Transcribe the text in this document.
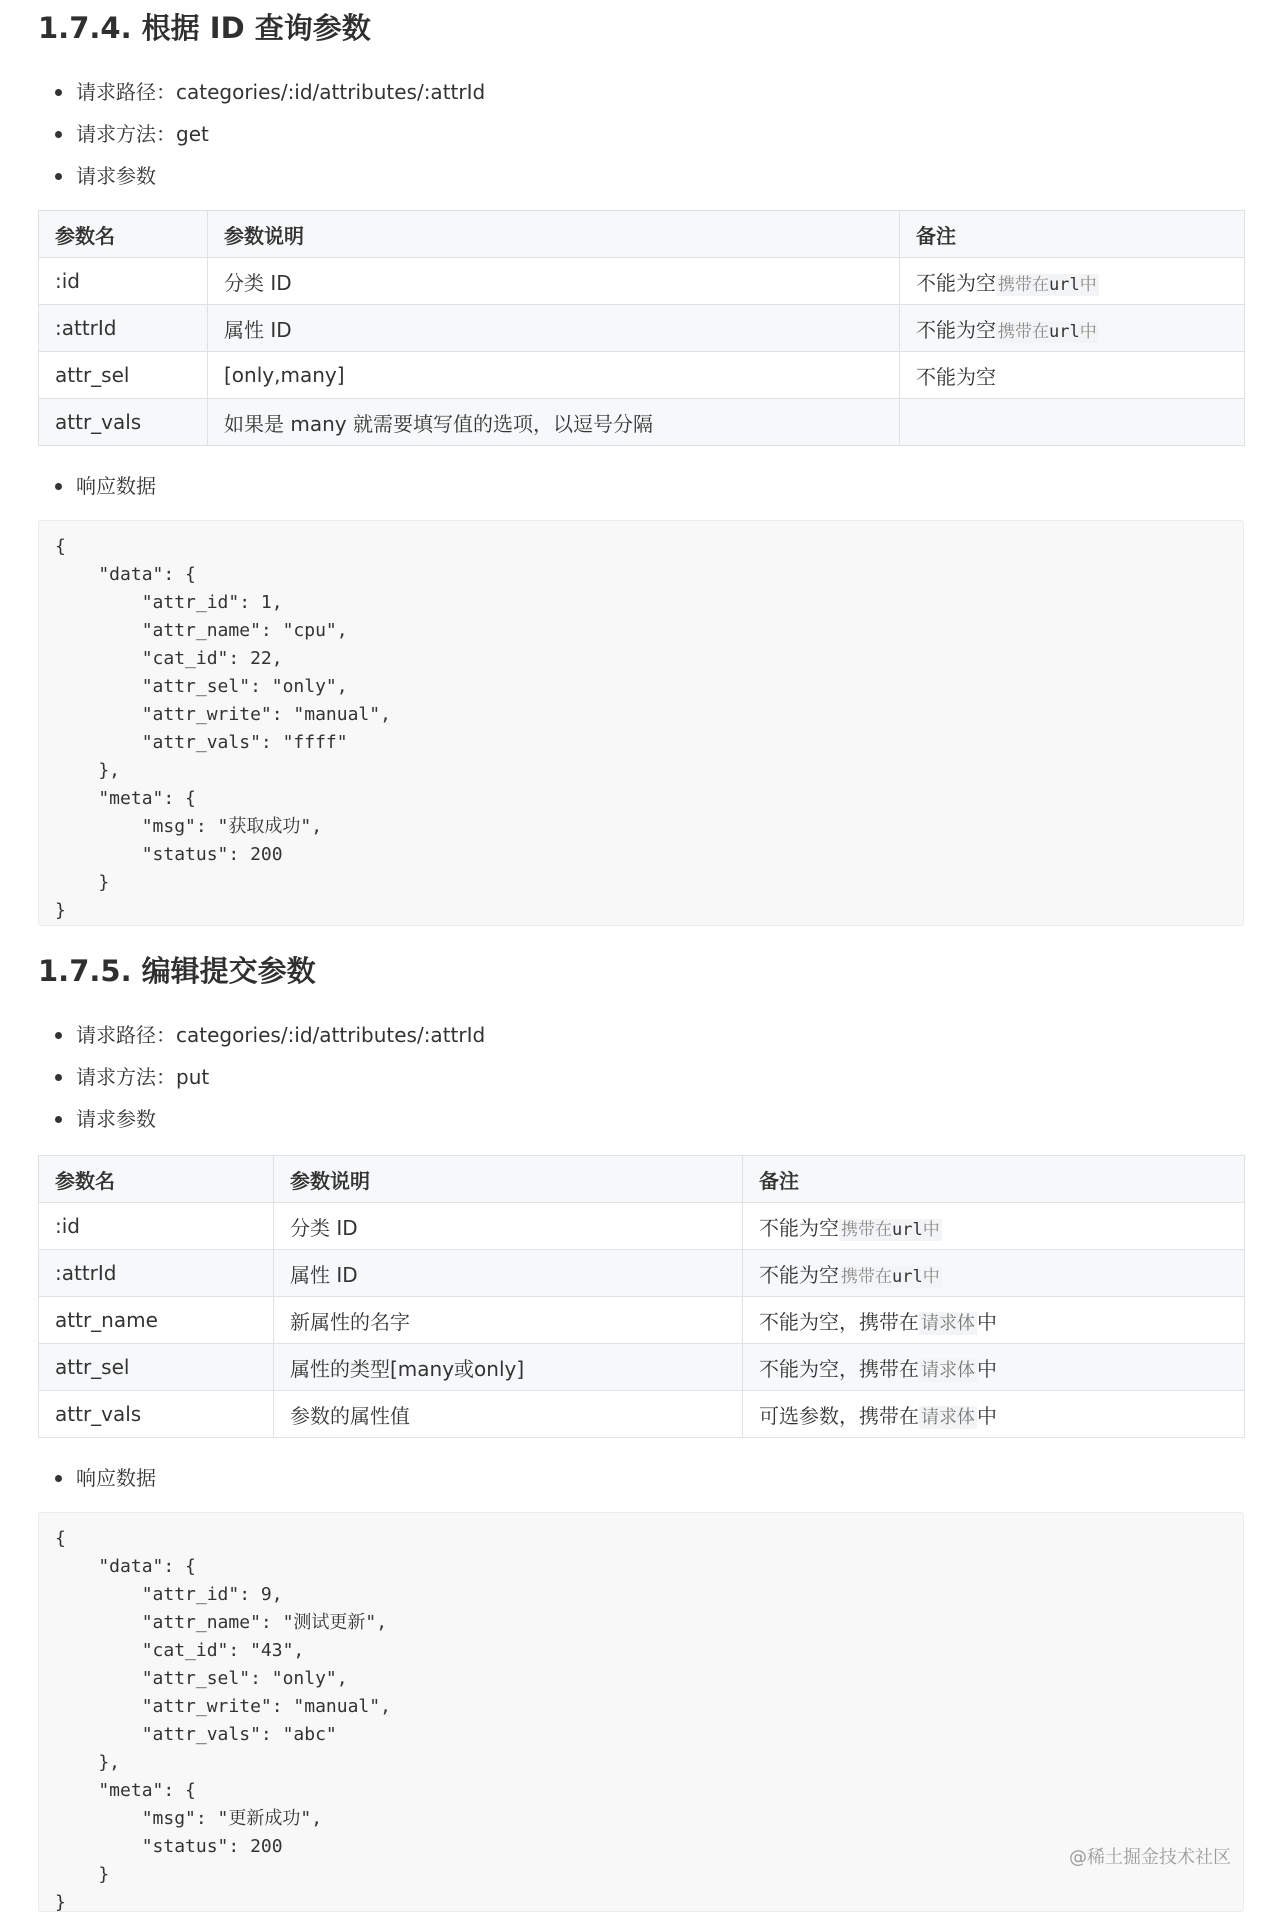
1.7.4. 根据 ID 查询参数
请求路径：categories/:id/attributes/:attrId
请求方法：get
请求参数
参数名	参数说明	备注
:id	分类 ID	不能为空 携带在url中
:attrId	属性 ID	不能为空 携带在url中
attr_sel	[only,many]	不能为空
attr_vals	如果是 many 就需要填写值的选项，以逗号分隔	
响应数据
{
"data": {
"attr_id": 1,
"attr_name": "cpu",
"cat_id": 22,
"attr_sel": "only",
"attr_write": "manual",
"attr_vals": "ffff"
},
"meta": {
"msg": "获取成功",
"status": 200
}
}
1.7.5. 编辑提交参数
请求路径：categories/:id/attributes/:attrId
请求方法：put
请求参数
参数名	参数说明	备注
:id	分类 ID	不能为空 携带在url中
:attrId	属性 ID	不能为空 携带在url中
attr_name	新属性的名字	不能为空，携带在 请求体 中
attr_sel	属性的类型[many或only]	不能为空，携带在 请求体 中
attr_vals	参数的属性值	可选参数，携带在 请求体 中
响应数据
{
"data": {
"attr_id": 9,
"attr_name": "测试更新",
"cat_id": "43",
"attr_sel": "only",
"attr_write": "manual",
"attr_vals": "abc"
},
"meta": {
"msg": "更新成功",
"status": 200
}
}
@稀土掘金技术社区
